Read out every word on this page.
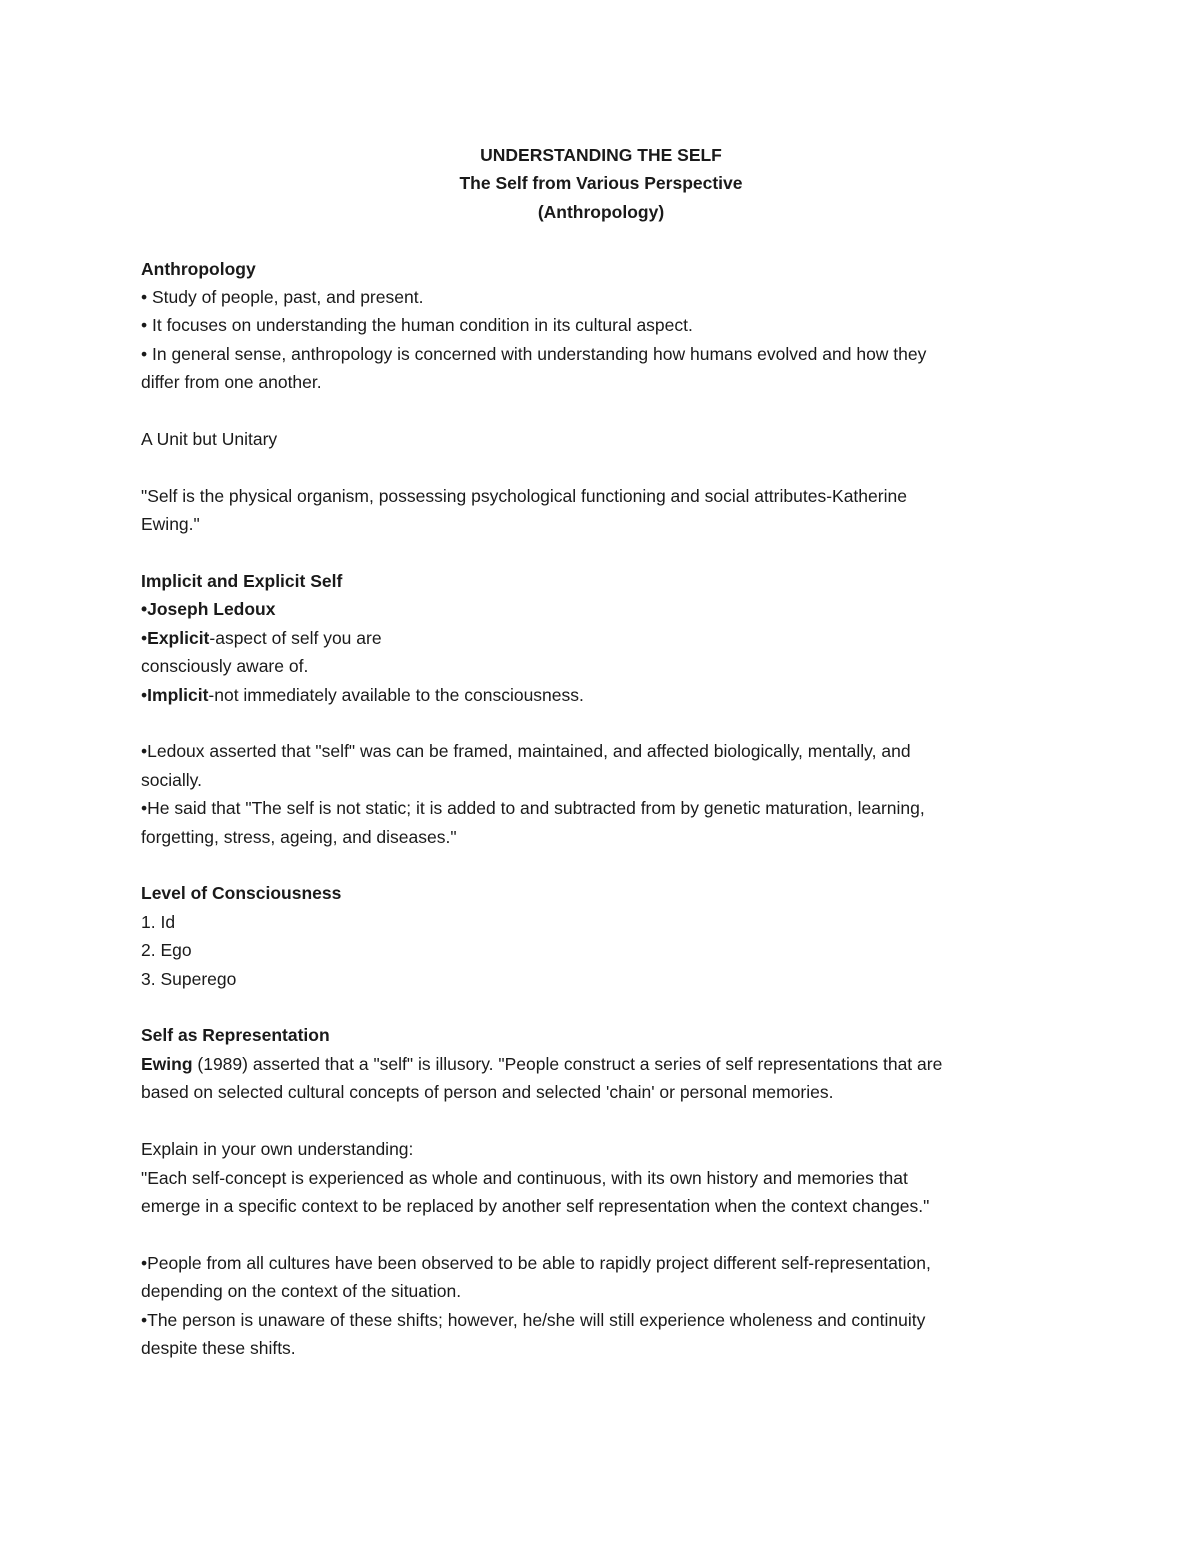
UNDERSTANDING THE SELF
The Self from Various Perspective
(Anthropology)
Anthropology
• Study of people, past, and present.
• It focuses on understanding the human condition in its cultural aspect.
• In general sense, anthropology is concerned with understanding how humans evolved and how they
differ from one another.
A Unit but Unitary
"Self is the physical organism, possessing psychological functioning and social attributes-Katherine
Ewing."
Implicit and Explicit Self
•Joseph Ledoux
•Explicit-aspect of self you are
consciously aware of.
•Implicit-not immediately available to the consciousness.
•Ledoux asserted that "self" was can be framed, maintained, and affected biologically, mentally, and
socially.
•He said that "The self is not static; it is added to and subtracted from by genetic maturation, learning,
forgetting, stress, ageing, and diseases."
Level of Consciousness
1. Id
2. Ego
3. Superego
Self as Representation
Ewing (1989) asserted that a "self" is illusory. "People construct a series of self representations that are
based on selected cultural concepts of person and selected 'chain' or personal memories.
Explain in your own understanding:
"Each self-concept is experienced as whole and continuous, with its own history and memories that
emerge in a specific context to be replaced by another self representation when the context changes."
•People from all cultures have been observed to be able to rapidly project different self-representation,
depending on the context of the situation.
•The person is unaware of these shifts; however, he/she will still experience wholeness and continuity
despite these shifts.
